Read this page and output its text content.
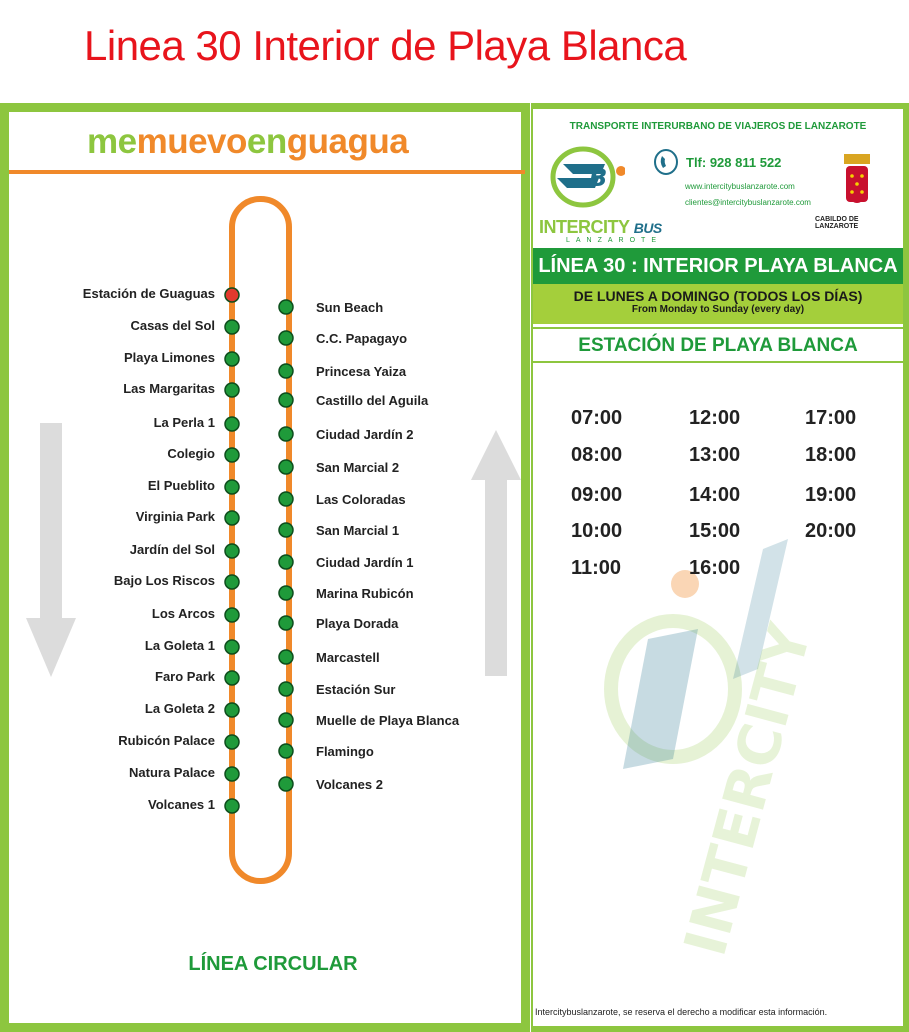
Linea 30 Interior de Playa Blanca
memuevoenguagua
Estación de Guaguas
Casas del Sol
Playa Limones
Las Margaritas
La Perla 1
Colegio
El Pueblito
Virginia Park
Jardín del Sol
Bajo Los Riscos
Los Arcos
La Goleta 1
Faro Park
La Goleta 2
Rubicón Palace
Natura Palace
Volcanes 1
Sun Beach
C.C. Papagayo
Princesa Yaiza
Castillo del Aguila
Ciudad Jardín 2
San Marcial 2
Las Coloradas
San Marcial 1
Ciudad Jardín 1
Marina Rubicón
Playa Dorada
Marcastell
Estación Sur
Muelle de Playa Blanca
Flamingo
Volcanes 2
LÍNEA CIRCULAR
TRANSPORTE INTERURBANO DE VIAJEROS DE LANZAROTE
B
Tlf: 928 811 522
www.intercitybuslanzarote.com
clientes@intercitybuslanzarote.com
CABILDO DE LANZAROTE
INTERCITY BUS
LANZAROTE
LÍNEA 30 : INTERIOR PLAYA BLANCA
DE LUNES A DOMINGO (TODOS LOS DÍAS)
From Monday to Sunday (every day)
ESTACIÓN DE PLAYA BLANCA
INTERCITY
07:00
08:00
09:00
10:00
11:00
12:00
13:00
14:00
15:00
16:00
17:00
18:00
19:00
20:00
Intercitybuslanzarote, se reserva el derecho a modificar esta información.
